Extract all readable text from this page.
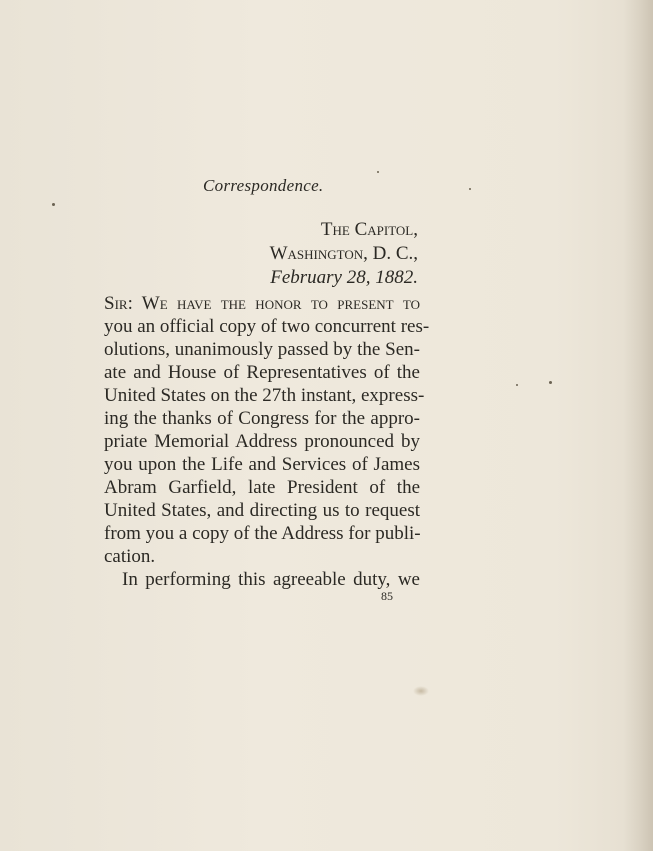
Correspondence.
The Capitol,
Washington, D. C.,
February 28, 1882.
Sir: We have the honor to present to
you an official copy of two concurrent res-
olutions, unanimously passed by the Sen-
ate and House of Representatives of the
United States on the 27th instant, express-
ing the thanks of Congress for the appro-
priate Memorial Address pronounced by
you upon the Life and Services of James
Abram Garfield, late President of the
United States, and directing us to request
from you a copy of the Address for publi-
cation.
In performing this agreeable duty, we
85
